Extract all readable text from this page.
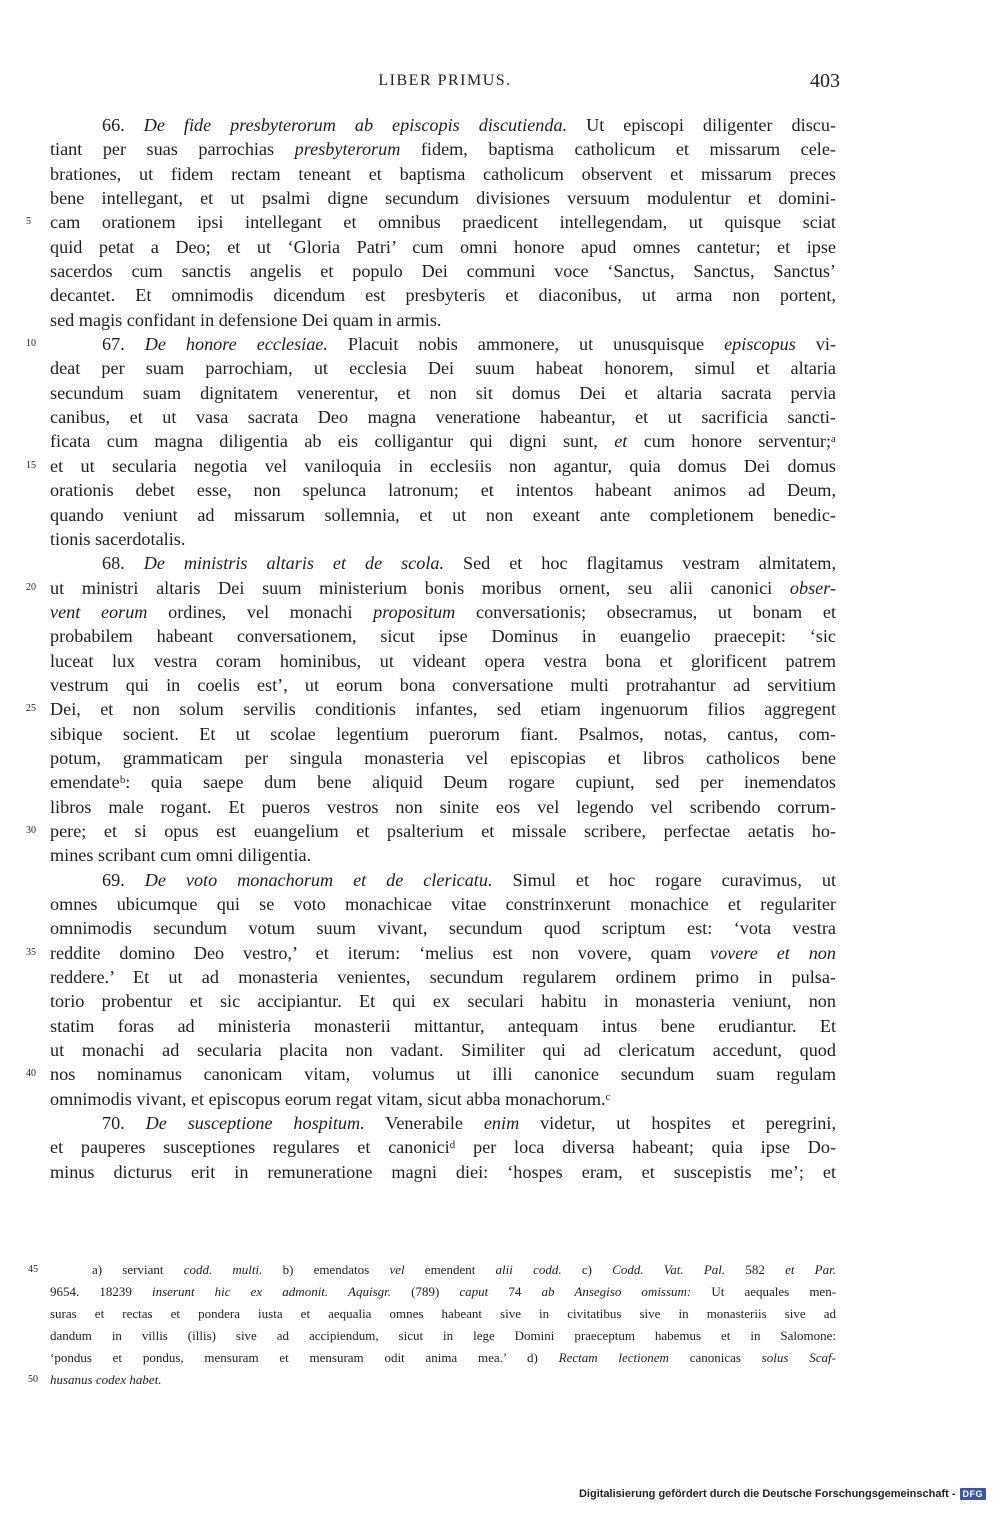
LIBER PRIMUS.	403
66. De fide presbyterorum ab episcopis discutienda. Ut episcopi diligenter discu-
tiant per suas parrochias presbyterorum fidem, baptisma catholicum et missarum cele-
brationes, ut fidem rectam teneant et baptisma catholicum observent et missarum preces
bene intellegant, et ut psalmi digne secundum divisiones versuum modulentur et domini-
5	cam orationem ipsi intellegant et omnibus praedicent intellegendam, ut quisque sciat
quid petat a Deo; et ut ‘Gloria Patri’ cum omni honore apud omnes cantetur; et ipse
sacerdos cum sanctis angelis et populo Dei communi voce ‘Sanctus, Sanctus, Sanctus’
decantet. Et omnimodis dicendum est presbyteris et diaconibus, ut arma non portent,
sed magis confidant in defensione Dei quam in armis.
10	67. De honore ecclesiae. Placuit nobis ammonere, ut unusquisque episcopus vi-
deat per suam parrochiam, ut ecclesia Dei suum habeat honorem, simul et altaria
secundum suam dignitatem venerentur, et non sit domus Dei et altaria sacrata pervia
canibus, et ut vasa sacrata Deo magna veneratione habeantur, et ut sacrificia sancti-
ficata cum magna diligentia ab eis colligantur qui digni sunt, et cum honore serventur;ᵃ
15 et ut secularia negotia vel vaniloquia in ecclesiis non agantur, quia domus Dei domus
orationis debet esse, non spelunca latronum; et intentos habeant animos ad Deum,
quando veniunt ad missarum sollemnia, et ut non exeant ante completionem benedic-
tionis sacerdotalis.
68. De ministris altaris et de scola. Sed et hoc flagitamus vestram almitatem,
20 ut ministri altaris Dei suum ministerium bonis moribus ornent, seu alii canonici obser-
vent eorum ordines, vel monachi propositum conversationis; obsecramus, ut bonam et
probabilem habeant conversationem, sicut ipse Dominus in euangelio praecepit: ‘sic
luceat lux vestra coram hominibus, ut videant opera vestra bona et glorificent patrem
vestrum qui in coelis est’, ut eorum bona conversatione multi protrahantur ad servitium
25 Dei, et non solum servilis conditionis infantes, sed etiam ingenuorum filios aggregent
sibique socient. Et ut scolae legentium puerorum fiant. Psalmos, notas, cantus, com-
potum, grammaticam per singula monasteria vel episcopias et libros catholicos bene
emendateᵇ: quia saepe dum bene aliquid Deum rogare cupiunt, sed per inemendatos
libros male rogant. Et pueros vestros non sinite eos vel legendo vel scribendo corrum-
30 pere; et si opus est euangelium et psalterium et missale scribere, perfectae aetatis ho-
mines scribant cum omni diligentia.
69. De voto monachorum et de clericatu. Simul et hoc rogare curavimus, ut
omnes ubicumque qui se voto monachicae vitae constrinxerunt monachice et regulariter
omnimodis secundum votum suum vivant, secundum quod scriptum est: ‘vota vestra
35 reddite domino Deo vestro,’ et iterum: ‘melius est non vovere, quam vovere et non
reddere.’ Et ut ad monasteria venientes, secundum regularem ordinem primo in pulsa-
torio probentur et sic accipiantur. Et qui ex seculari habitu in monasteria veniunt, non
statim foras ad ministeria monasterii mittantur, antequam intus bene erudiantur. Et
ut monachi ad secularia placita non vadant. Similiter qui ad clericatum accedunt, quod
40 nos nominamus canonicam vitam, volumus ut illi canonice secundum suam regulam
omnimodis vivant, et episcopus eorum regat vitam, sicut abba monachorum.ᶜ
70. De susceptione hospitum. Venerabile enim videtur, ut hospites et peregrini,
et pauperes susceptiones regulares et canoniciᵈ per loca diversa habeant; quia ipse Do-
minus dicturus erit in remuneratione magni diei: ‘hospes eram, et suscepistis me’; et
45	a) serviant codd. multi. b) emendatos vel emendent alii codd. c) Codd. Vat. Pal. 582 et Par.
9654. 18239 inserunt hic ex admonit. Aquisgr. (789) caput 74 ab Ansegiso omissum: Ut aequales men-
suras et rectas et pondera iusta et aequalia omnes habeant sive in civitatibus sive in monasteriis sive ad
dandum in villis (illis) sive ad accipiendum, sicut in lege Domini praeceptum habemus et in Salomone:
‘pondus et pondus, mensuram et mensuram odit anima mea.’ d) Rectam lectionem canonicas solus Scaf-
50 husanus codex habet.
Digitalisierung gefördert durch die Deutsche Forschungsgemeinschaft - DFG
